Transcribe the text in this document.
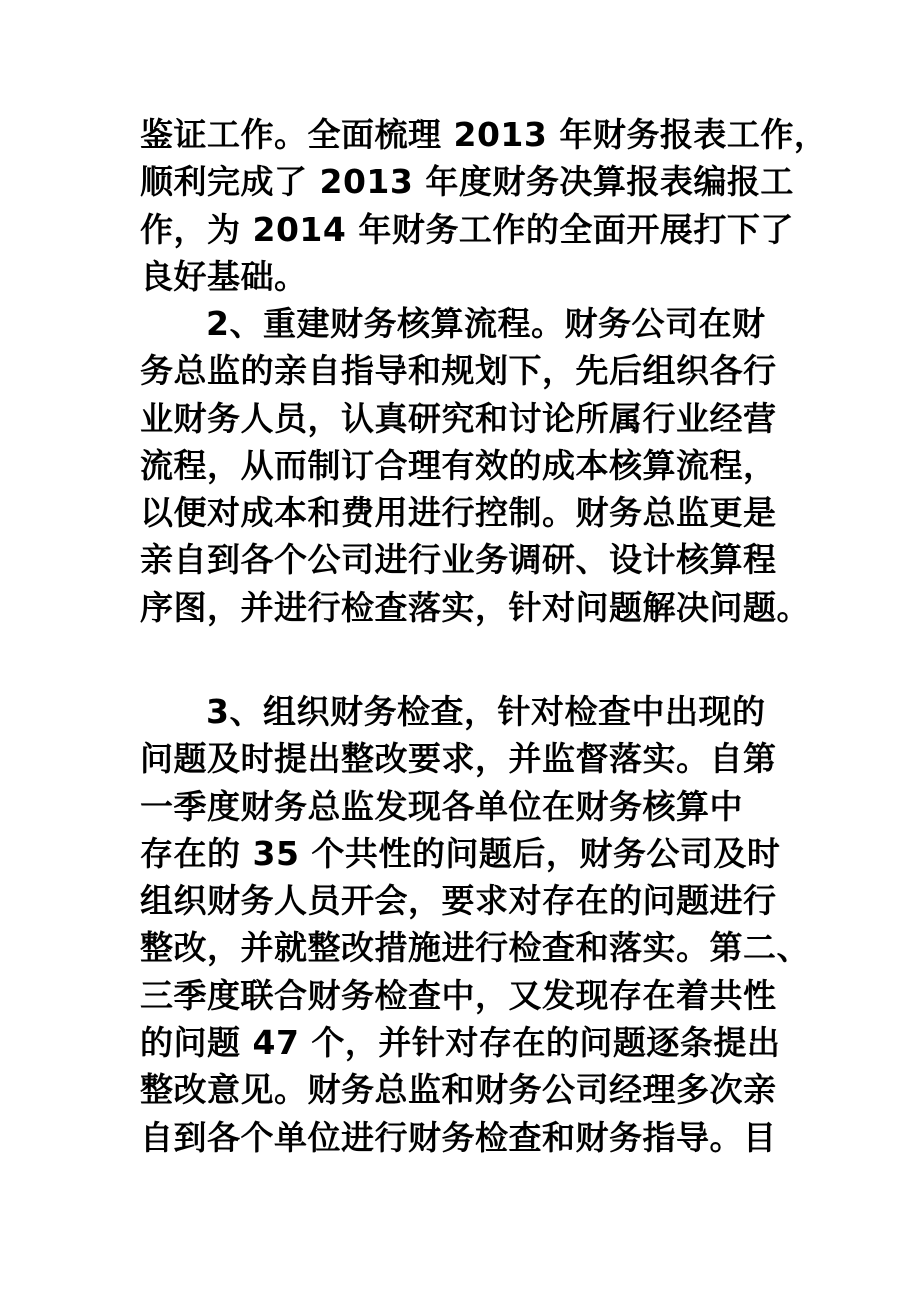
鉴证工作。全面梳理 2013 年财务报表工作，
顺利完成了 2013 年度财务决算报表编报工
作，为 2014 年财务工作的全面开展打下了
良好基础。
2、重建财务核算流程。财务公司在财
务总监的亲自指导和规划下，先后组织各行
业财务人员，认真研究和讨论所属行业经营
流程，从而制订合理有效的成本核算流程，
以便对成本和费用进行控制。财务总监更是
亲自到各个公司进行业务调研、设计核算程
序图，并进行检查落实，针对问题解决问题。
3、组织财务检查，针对检查中出现的
问题及时提出整改要求，并监督落实。自第
一季度财务总监发现各单位在财务核算中
存在的 35 个共性的问题后，财务公司及时
组织财务人员开会，要求对存在的问题进行
整改，并就整改措施进行检查和落实。第二、
三季度联合财务检查中，又发现存在着共性
的问题 47 个，并针对存在的问题逐条提出
整改意见。财务总监和财务公司经理多次亲
自到各个单位进行财务检查和财务指导。目
